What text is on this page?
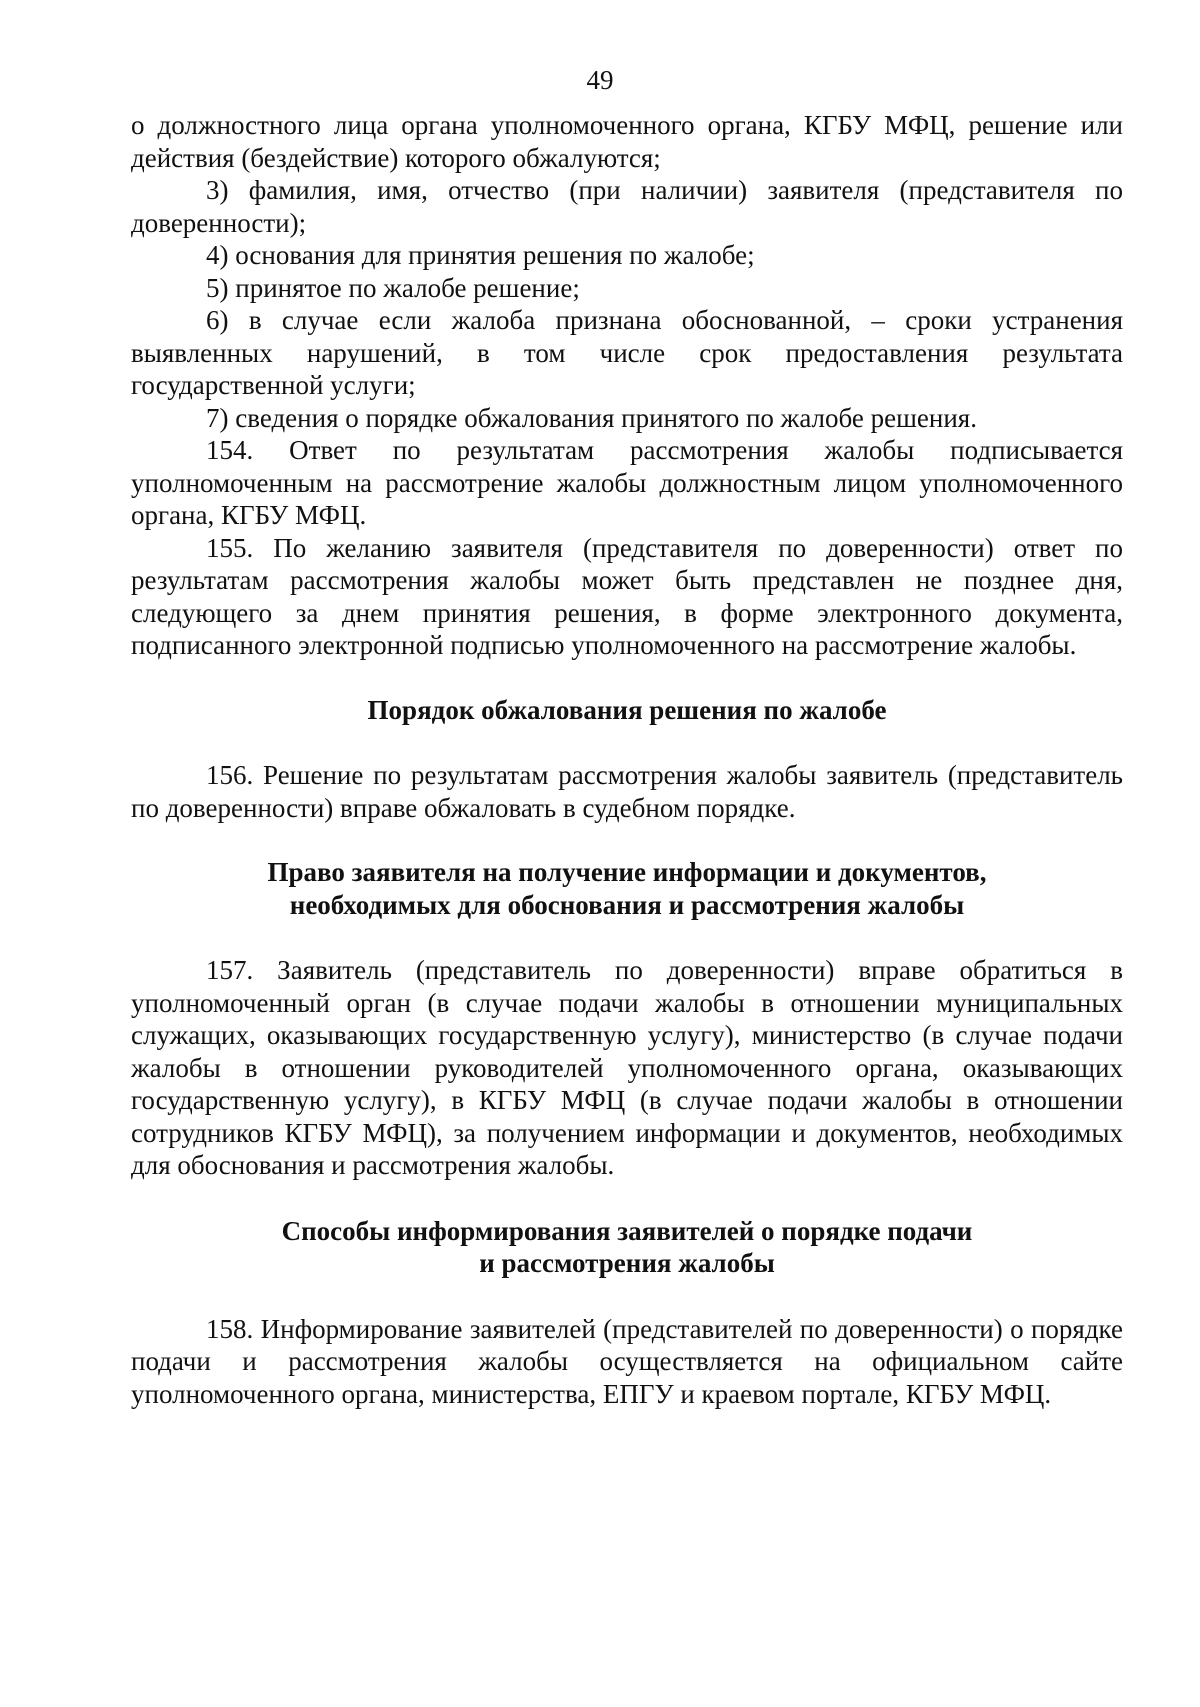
49

о должностного лица органа уполномоченного органа, КГБУ МФЦ, решение или действия (бездействие) которого обжалуются;

3) фамилия, имя, отчество (при наличии) заявителя (представителя по доверенности);

4) основания для принятия решения по жалобе;

5) принятое по жалобе решение;

6) в случае если жалоба признана обоснованной, – сроки устранения выявленных нарушений, в том числе срок предоставления результата государственной услуги;

7) сведения о порядке обжалования принятого по жалобе решения.

154. Ответ по результатам рассмотрения жалобы подписывается уполномоченным на рассмотрение жалобы должностным лицом уполномоченного органа, КГБУ МФЦ.

155. По желанию заявителя (представителя по доверенности) ответ по результатам рассмотрения жалобы может быть представлен не позднее дня, следующего за днем принятия решения, в форме электронного документа, подписанного электронной подписью уполномоченного на рассмотрение жалобы.

Порядок обжалования решения по жалобе

156. Решение по результатам рассмотрения жалобы заявитель (представитель по доверенности) вправе обжаловать в судебном порядке.

Право заявителя на получение информации и документов,
необходимых для обоснования и рассмотрения жалобы

157. Заявитель (представитель по доверенности) вправе обратиться в уполномоченный орган (в случае подачи жалобы в отношении муниципальных служащих, оказывающих государственную услугу), министерство (в случае подачи жалобы в отношении руководителей уполномоченного органа, оказывающих государственную услугу), в КГБУ МФЦ (в случае подачи жалобы в отношении сотрудников КГБУ МФЦ), за получением информации и документов, необходимых для обоснования и рассмотрения жалобы.

Способы информирования заявителей о порядке подачи
и рассмотрения жалобы

158. Информирование заявителей (представителей по доверенности) о порядке подачи и рассмотрения жалобы осуществляется на официальном сайте уполномоченного органа, министерства, ЕПГУ и краевом портале, КГБУ МФЦ.
